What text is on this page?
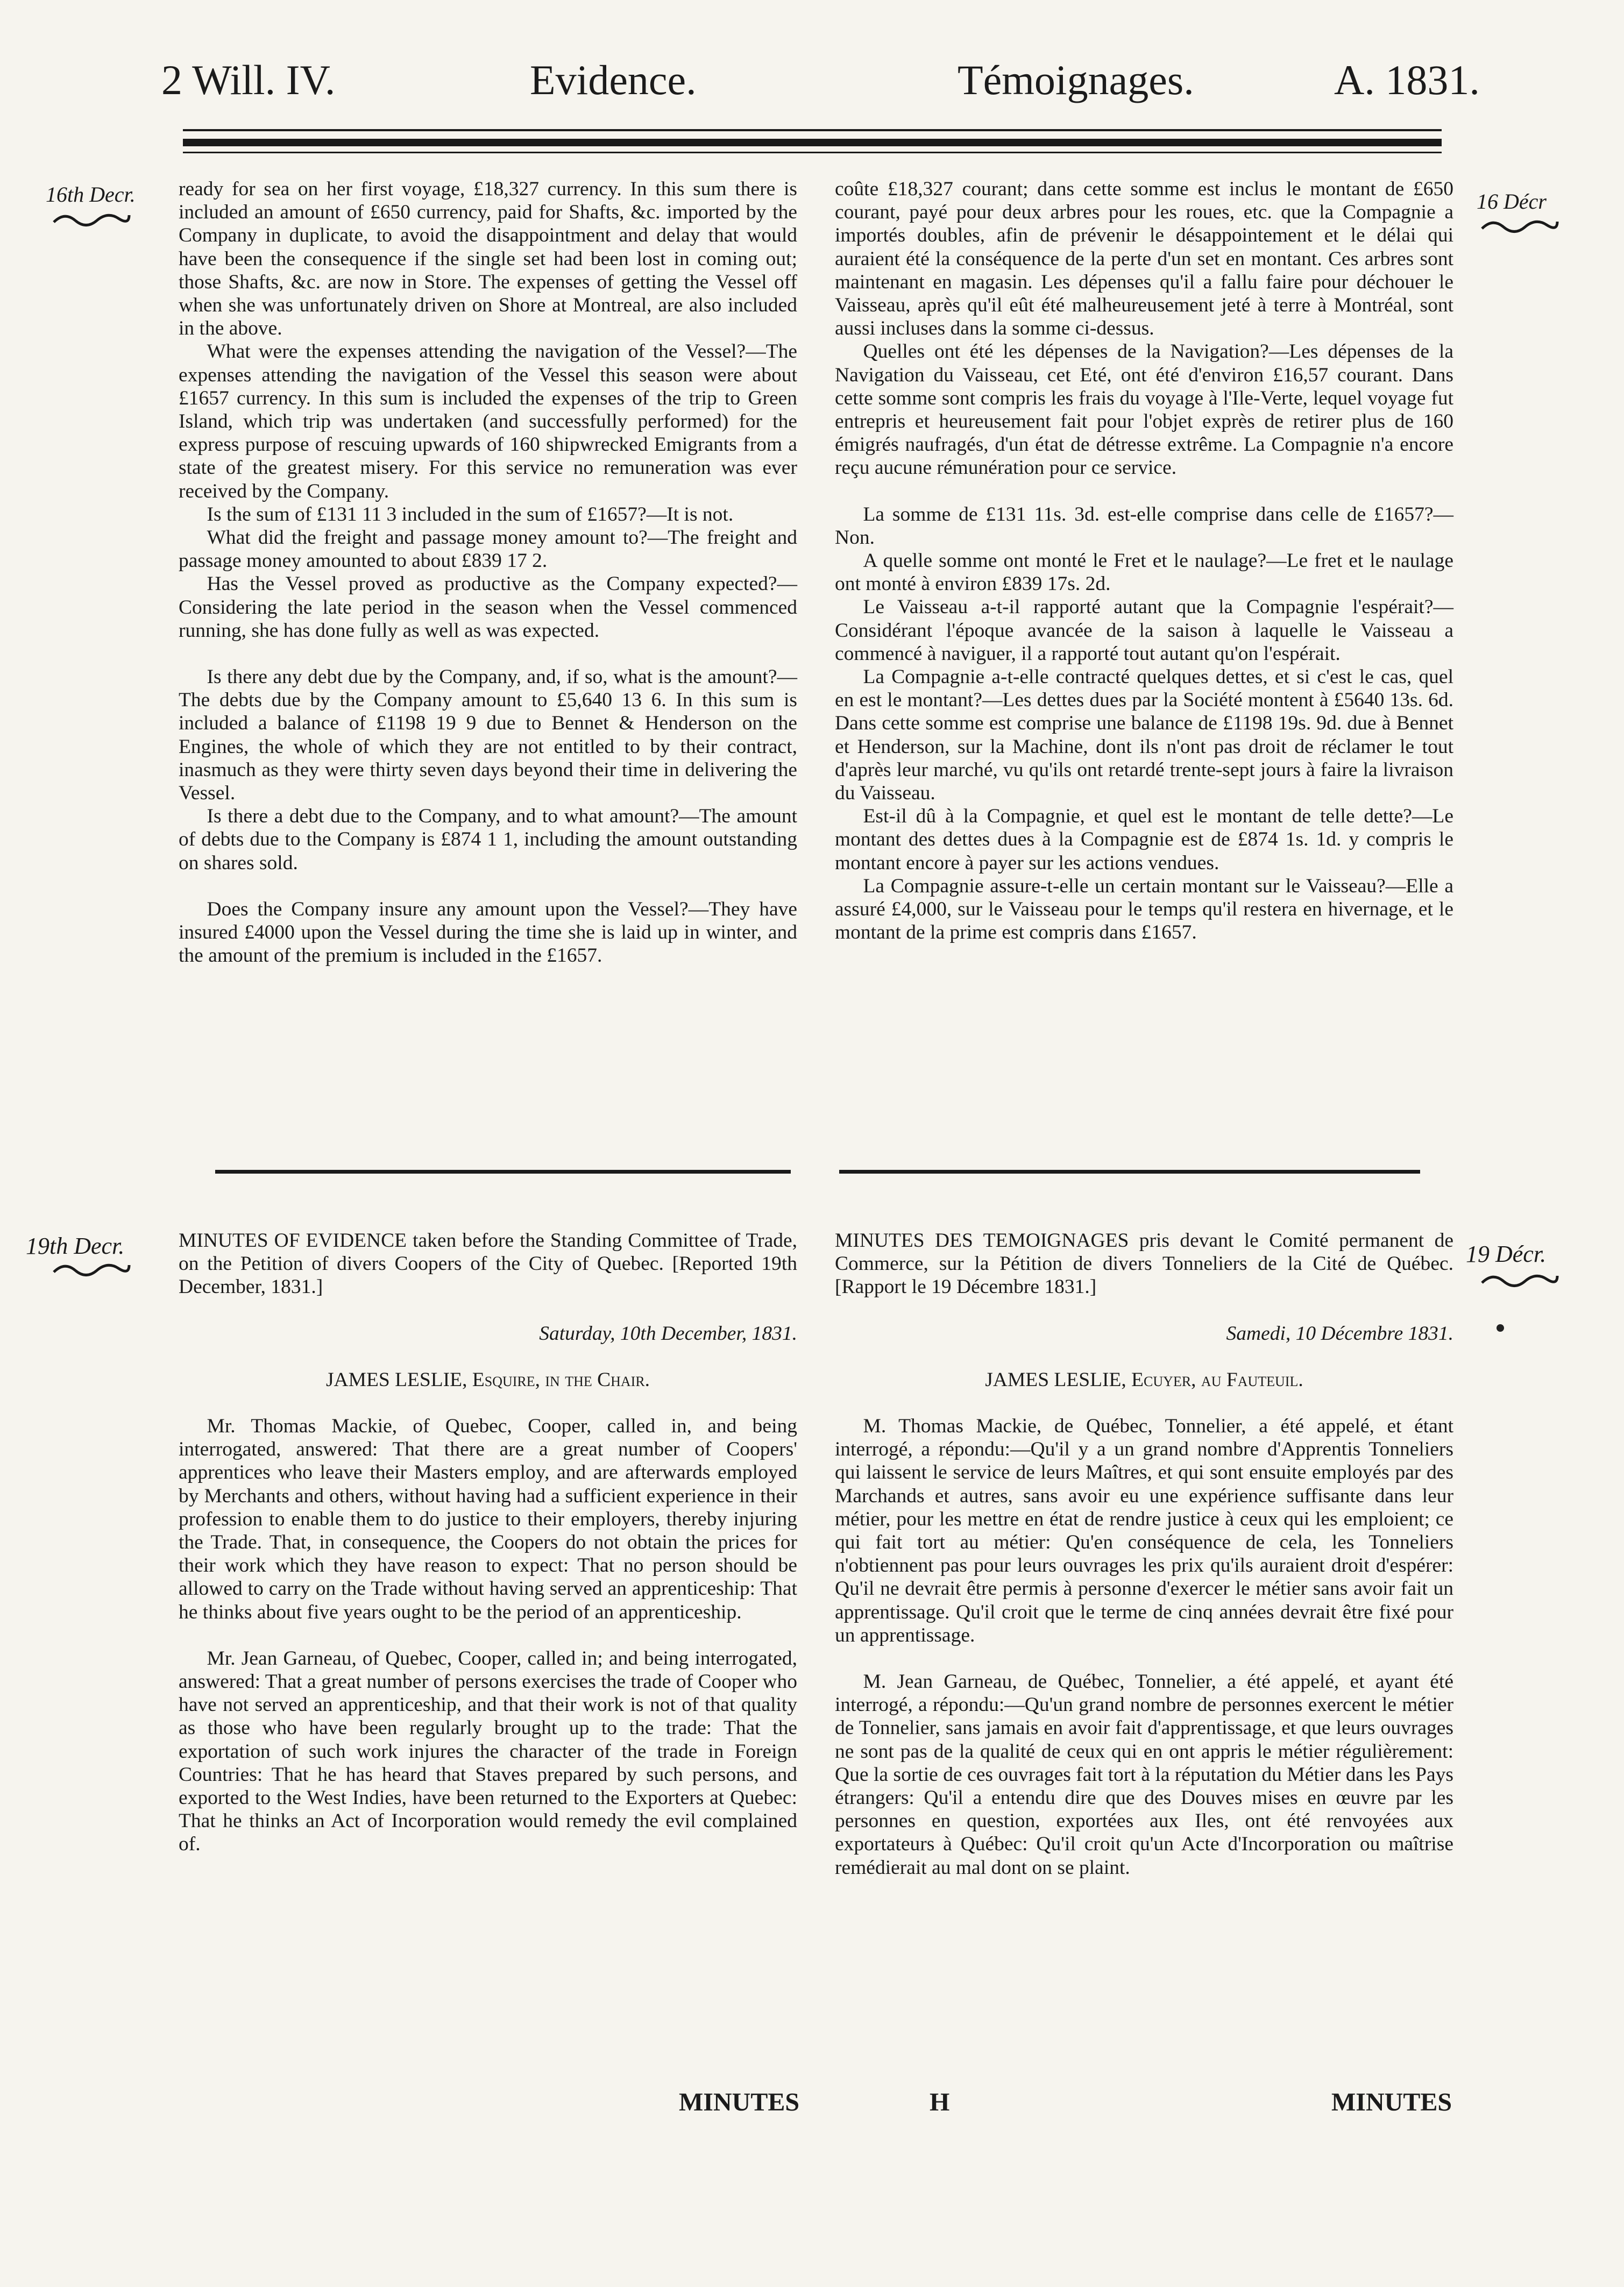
2 Will. IV.	Evidence.	Témoignages.	A. 1831.
16th Decr.	16 Décr

ready for sea on her first voyage, £18,327 currency. In this sum there is included an amount of £650 currency, paid for Shafts, &c. imported by the Company in duplicate, to avoid the disappointment and delay that would have been the consequence if the single set had been lost in coming out; those Shafts, &c. are now in Store. The expenses of getting the Vessel off when she was unfortunately driven on Shore at Montreal, are also included in the above.

What were the expenses attending the navigation of the Vessel?—The expenses attending the navigation of the Vessel this season were about £1657 currency. In this sum is included the expenses of the trip to Green Island, which trip was undertaken (and successfully performed) for the express purpose of rescuing upwards of 160 shipwrecked Emigrants from a state of the greatest misery. For this service no remuneration was ever received by the Company.

Is the sum of £131 11 3 included in the sum of £1657?—It is not.

What did the freight and passage money amount to?—The freight and passage money amounted to about £839 17 2.

Has the Vessel proved as productive as the Company expected?—Considering the late period in the season when the Vessel commenced running, she has done fully as well as was expected.

Is there any debt due by the Company, and, if so, what is the amount?—The debts due by the Company amount to £5,640 13 6. In this sum is included a balance of £1198 19 9 due to Bennet & Henderson on the Engines, the whole of which they are not entitled to by their contract, inasmuch as they were thirty seven days beyond their time in delivering the Vessel.

Is there a debt due to the Company, and to what amount?—The amount of debts due to the Company is £874 1 1, including the amount outstanding on shares sold.

Does the Company insure any amount upon the Vessel?—They have insured £4000 upon the Vessel during the time she is laid up in winter, and the amount of the premium is included in the £1657.

coûte £18,327 courant; dans cette somme est inclus le montant de £650 courant, payé pour deux arbres pour les roues, etc. que la Compagnie a importés doubles, afin de prévenir le désappointement et le délai qui auraient été la conséquence de la perte d'un set en montant. Ces arbres sont maintenant en magasin. Les dépenses qu'il a fallu faire pour déchouer le Vaisseau, après qu'il eût été malheureusement jeté à terre à Montréal, sont aussi incluses dans la somme ci-dessus.

Quelles ont été les dépenses de la Navigation?—Les dépenses de la Navigation du Vaisseau, cet Eté, ont été d'environ £16,57 courant. Dans cette somme sont compris les frais du voyage à l'Ile-Verte, lequel voyage fut entrepris et heureusement fait pour l'objet exprès de retirer plus de 160 émigrés naufragés, d'un état de détresse extrême. La Compagnie n'a encore reçu aucune rémunération pour ce service.

La somme de £131 11s. 3d. est-elle comprise dans celle de £1657?—Non.

A quelle somme ont monté le Fret et le naulage?—Le fret et le naulage ont monté à environ £839 17s. 2d.

Le Vaisseau a-t-il rapporté autant que la Compagnie l'espérait?—Considérant l'époque avancée de la saison à laquelle le Vaisseau a commencé à naviguer, il a rapporté tout autant qu'on l'espérait.

La Compagnie a-t-elle contracté quelques dettes, et si c'est le cas, quel en est le montant?—Les dettes dues par la Société montent à £5640 13s. 6d. Dans cette somme est comprise une balance de £1198 19s. 9d. due à Bennet et Henderson, sur la Machine, dont ils n'ont pas droit de réclamer le tout d'après leur marché, vu qu'ils ont retardé trente-sept jours à faire la livraison du Vaisseau.

Est-il dû à la Compagnie, et quel est le montant de telle dette?—Le montant des dettes dues à la Compagnie est de £874 1s. 1d. y compris le montant encore à payer sur les actions vendues.

La Compagnie assure-t-elle un certain montant sur le Vaisseau?—Elle a assuré £4,000, sur le Vaisseau pour le temps qu'il restera en hivernage, et le montant de la prime est compris dans £1657.

19th Decr.	19 Décr.

MINUTES OF EVIDENCE taken before the Standing Committee of Trade, on the Petition of divers Coopers of the City of Quebec. [Reported 19th December, 1831.]

Saturday, 10th December, 1831.

JAMES LESLIE, Esquire, in the Chair.

Mr. Thomas Mackie, of Quebec, Cooper, called in, and being interrogated, answered: That there are a great number of Coopers' apprentices who leave their Masters employ, and are afterwards employed by Merchants and others, without having had a sufficient experience in their profession to enable them to do justice to their employers, thereby injuring the Trade. That, in consequence, the Coopers do not obtain the prices for their work which they have reason to expect: That no person should be allowed to carry on the Trade without having served an apprenticeship: That he thinks about five years ought to be the period of an apprenticeship.

Mr. Jean Garneau, of Quebec, Cooper, called in; and being interrogated, answered: That a great number of persons exercises the trade of Cooper who have not served an apprenticeship, and that their work is not of that quality as those who have been regularly brought up to the trade: That the exportation of such work injures the character of the trade in Foreign Countries: That he has heard that Staves prepared by such persons, and exported to the West Indies, have been returned to the Exporters at Quebec: That he thinks an Act of Incorporation would remedy the evil complained of.

MINUTES DES TEMOIGNAGES pris devant le Comité permanent de Commerce, sur la Pétition de divers Tonneliers de la Cité de Québec. [Rapport le 19 Décembre 1831.]

Samedi, 10 Décembre 1831.

JAMES LESLIE, Ecuyer, au Fauteuil.

M. Thomas Mackie, de Québec, Tonnelier, a été appelé, et étant interrogé, a répondu:—Qu'il y a un grand nombre d'Apprentis Tonneliers qui laissent le service de leurs Maîtres, et qui sont ensuite employés par des Marchands et autres, sans avoir eu une expérience suffisante dans leur métier, pour les mettre en état de rendre justice à ceux qui les emploient; ce qui fait tort au métier: Qu'en conséquence de cela, les Tonneliers n'obtiennent pas pour leurs ouvrages les prix qu'ils auraient droit d'espérer: Qu'il ne devrait être permis à personne d'exercer le métier sans avoir fait un apprentissage. Qu'il croit que le terme de cinq années devrait être fixé pour un apprentissage.

M. Jean Garneau, de Québec, Tonnelier, a été appelé, et ayant été interrogé, a répondu:—Qu'un grand nombre de personnes exercent le métier de Tonnelier, sans jamais en avoir fait d'apprentissage, et que leurs ouvrages ne sont pas de la qualité de ceux qui en ont appris le métier régulièrement: Que la sortie de ces ouvrages fait tort à la réputation du Métier dans les Pays étrangers: Qu'il a entendu dire que des Douves mises en œuvre par les personnes en question, exportées aux Iles, ont été renvoyées aux exportateurs à Québec: Qu'il croit qu'un Acte d'Incorporation ou maîtrise remédierait au mal dont on se plaint.

MINUTES	H	MINUTES
